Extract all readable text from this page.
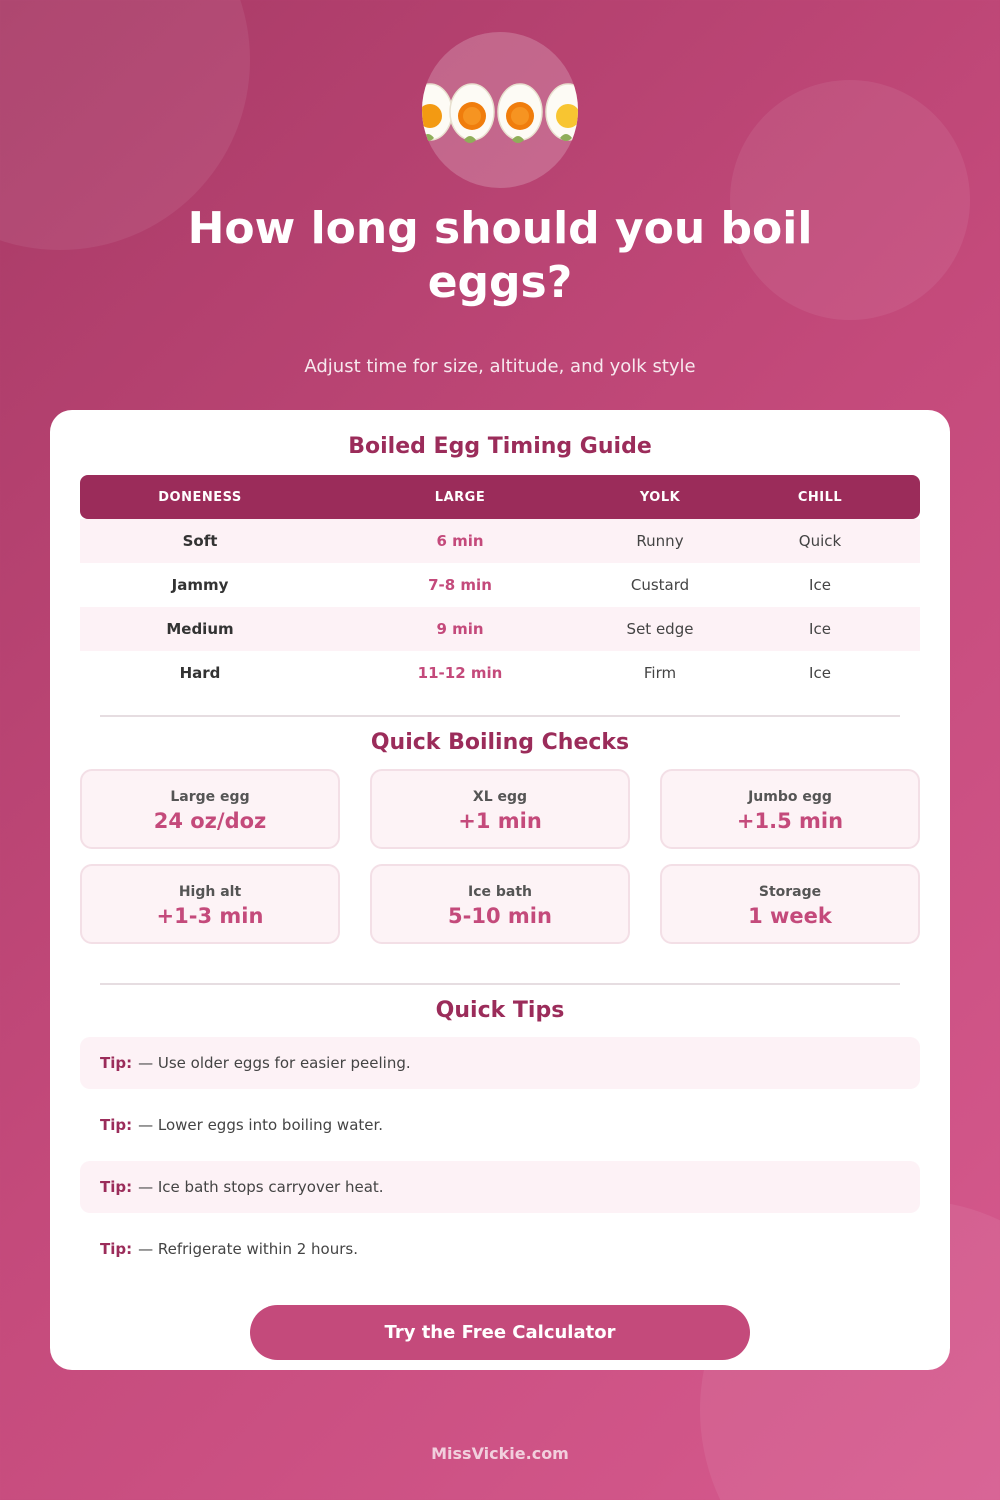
How long should you boil eggs?

Adjust time for size, altitude, and yolk style

Boiled Egg Timing Guide
DONENESS	LARGE	YOLK	CHILL
Soft	6 min	Runny	Quick
Jammy	7-8 min	Custard	Ice
Medium	9 min	Set edge	Ice
Hard	11-12 min	Firm	Ice
Quick Boiling Checks
Large egg
24 oz/doz
XL egg
+1 min
Jumbo egg
+1.5 min
High alt
+1-3 min
Ice bath
5-10 min
Storage
1 week
Quick Tips
Tip: — Use older eggs for easier peeling.
Tip: — Lower eggs into boiling water.
Tip: — Ice bath stops carryover heat.
Tip: — Refrigerate within 2 hours.
Try the Free Calculator
MissVickie.com
